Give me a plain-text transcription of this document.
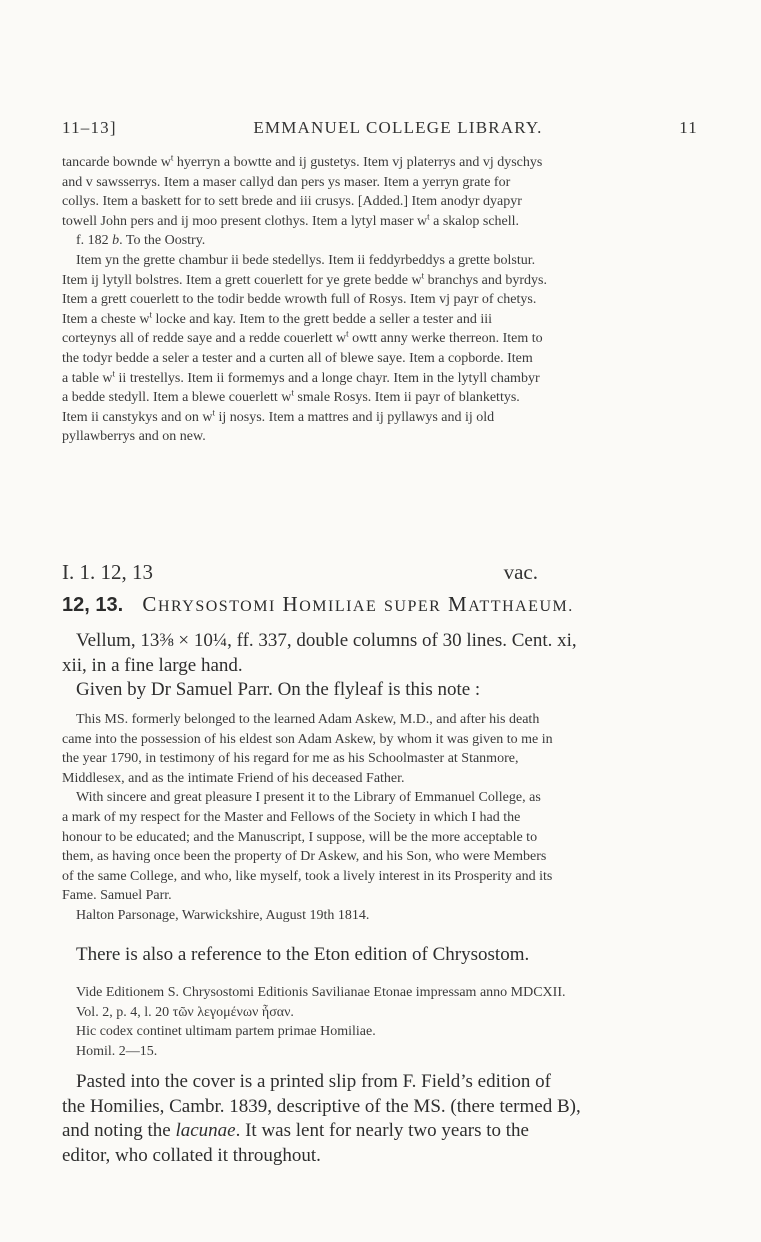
11–13]	EMMANUEL COLLEGE LIBRARY.	11

tancarde bownde $w^t$ hyerryn a bowtte and ij gustetys. Item vj platerrys and vj dyschys

and v sawsserrys. Item a maser callyd dan pers ys maser. Item a yerryn grate for

collys. Item a baskett for to sett brede and iii crusys. [Added.] Item anodyr dyapyr

towell John pers and ij moo present clothys. Item a lytyl maser $w^t$ a skalop schell.

f. 182 b. To the Oostry.

Item yn the grette chambur ii bede stedellys. Item ii feddyrbeddys a grette bolstur.

Item ij lytyll bolstres. Item a grett couerlett for ye grete bedde $w^t$ branchys and byrdys.

Item a grett couerlett to the todir bedde wrowth full of Rosys. Item vj payr of chetys.

Item a cheste $w^t$ locke and kay. Item to the grett bedde a seller a tester and iii

corteynys all of redde saye and a redde couerlett $w^t$ owtt anny werke therreon. Item to

the todyr bedde a seler a tester and a curten all of blewe saye. Item a copborde. Item

a table $w^t$ ii trestellys. Item ii formemys and a longe chayr. Item in the lytyll chambyr

a bedde stedyll. Item a blewe couerlett $w^t$ smale Rosys. Item ii payr of blankettys.

Item ii canstykys and on $w^t$ ij nosys. Item a mattres and ij pyllawys and ij old

pyllawberrys and on new.

I. 1. 12, 13	vac.
12, 13. CHRYSOSTOMI HOMILIAE SUPER MATTHAEUM.

Vellum, 13⅜ × 10¼, ff. 337, double columns of 30 lines. Cent. xi,

xii, in a fine large hand.

Given by Dr Samuel Parr. On the flyleaf is this note :

This MS. formerly belonged to the learned Adam Askew, M.D., and after his death

came into the possession of his eldest son Adam Askew, by whom it was given to me in

the year 1790, in testimony of his regard for me as his Schoolmaster at Stanmore,

Middlesex, and as the intimate Friend of his deceased Father.

With sincere and great pleasure I present it to the Library of Emmanuel College, as

a mark of my respect for the Master and Fellows of the Society in which I had the

honour to be educated; and the Manuscript, I suppose, will be the more acceptable to

them, as having once been the property of Dr Askew, and his Son, who were Members

of the same College, and who, like myself, took a lively interest in its Prosperity and its

Fame. Samuel Parr.

Halton Parsonage, Warwickshire, August 19th 1814.

There is also a reference to the Eton edition of Chrysostom.

Vide Editionem S. Chrysostomi Editionis Savilianae Etonae impressam anno MDCXII.

Vol. 2, p. 4, l. 20 τῶν λεγομένων ἦσαν.

Hic codex continet ultimam partem primae Homiliae.

Homil. 2—15.

Pasted into the cover is a printed slip from F. Field’s edition of

the Homilies, Cambr. 1839, descriptive of the MS. (there termed B),

and noting the lacunae. It was lent for nearly two years to the

editor, who collated it throughout.
